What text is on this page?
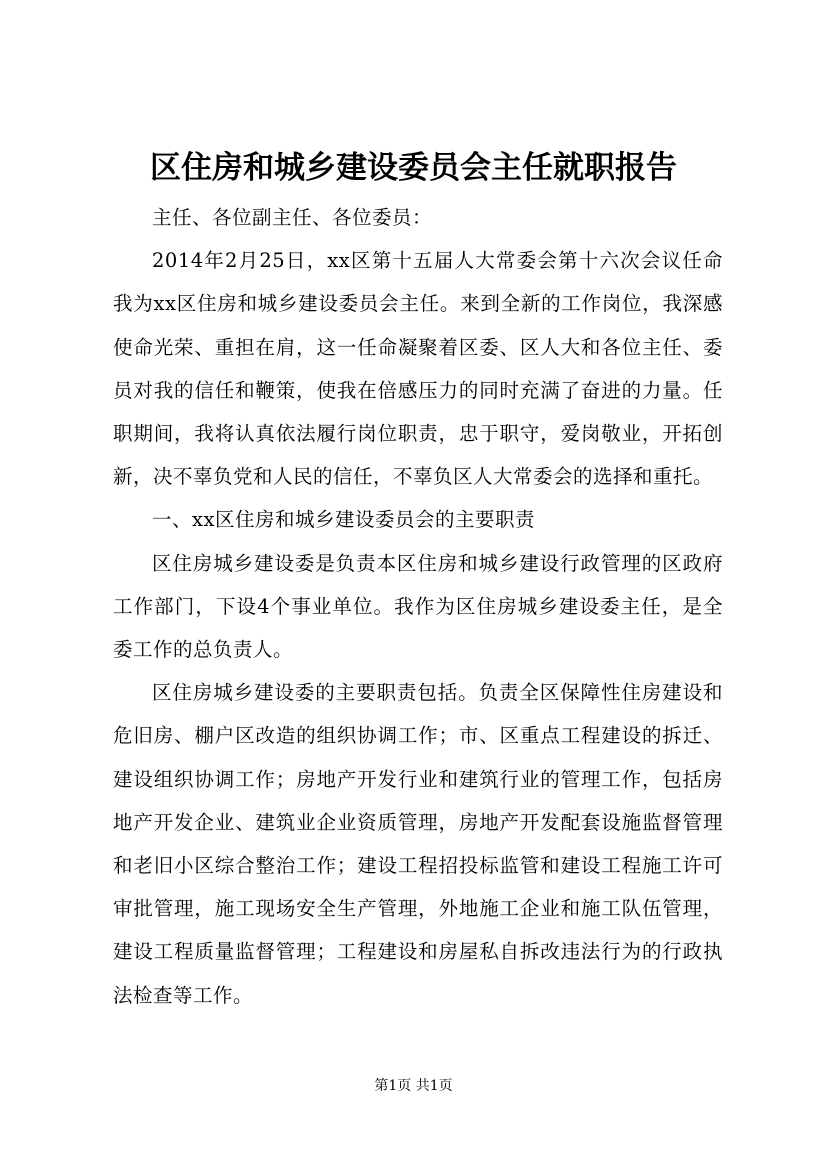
区住房和城乡建设委员会主任就职报告

主任、各位副主任、各位委员：

2014年2月25日，xx区第十五届人大常委会第十六次会议任命我为xx区住房和城乡建设委员会主任。来到全新的工作岗位，我深感使命光荣、重担在肩，这一任命凝聚着区委、区人大和各位主任、委员对我的信任和鞭策，使我在倍感压力的同时充满了奋进的力量。任职期间，我将认真依法履行岗位职责，忠于职守，爱岗敬业，开拓创新，决不辜负党和人民的信任，不辜负区人大常委会的选择和重托。

一、xx区住房和城乡建设委员会的主要职责

区住房城乡建设委是负责本区住房和城乡建设行政管理的区政府工作部门，下设4个事业单位。我作为区住房城乡建设委主任，是全委工作的总负责人。

区住房城乡建设委的主要职责包括。负责全区保障性住房建设和危旧房、棚户区改造的组织协调工作；市、区重点工程建设的拆迁、建设组织协调工作；房地产开发行业和建筑行业的管理工作，包括房地产开发企业、建筑业企业资质管理，房地产开发配套设施监督管理和老旧小区综合整治工作；建设工程招投标监管和建设工程施工许可审批管理，施工现场安全生产管理，外地施工企业和施工队伍管理，建设工程质量监督管理；工程建设和房屋私自拆改违法行为的行政执法检查等工作。

第1页 共1页
